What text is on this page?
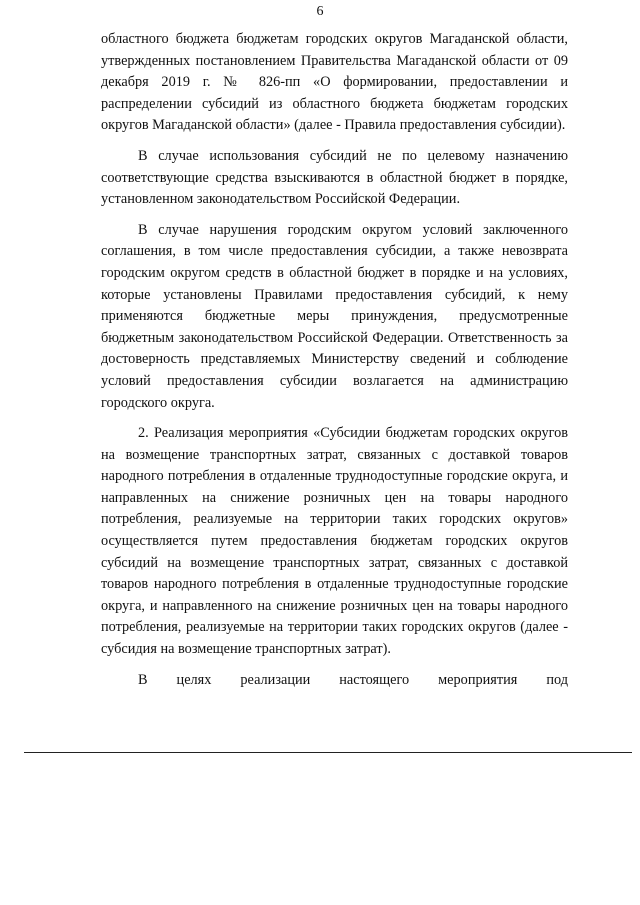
6

областного бюджета бюджетам городских округов Магаданской области, утвержденных постановлением Правительства Магаданской области от 09 декабря 2019 г. № 826-пп «О формировании, предоставлении и распределении субсидий из областного бюджета бюджетам городских округов Магаданской области» (далее - Правила предоставления субсидии).

В случае использования субсидий не по целевому назначению соответствующие средства взыскиваются в областной бюджет в порядке, установленном законодательством Российской Федерации.

В случае нарушения городским округом условий заключенного соглашения, в том числе предоставления субсидии, а также невозврата городским округом средств в областной бюджет в порядке и на условиях, которые установлены Правилами предоставления субсидий, к нему применяются бюджетные меры принуждения, предусмотренные бюджетным законодательством Российской Федерации. Ответственность за достоверность представляемых Министерству сведений и соблюдение условий предоставления субсидии возлагается на администрацию городского округа.

2. Реализация мероприятия «Субсидии бюджетам городских округов на возмещение транспортных затрат, связанных с доставкой товаров народного потребления в отдаленные труднодоступные городские округа, и направленных на снижение розничных цен на товары народного потребления, реализуемые на территории таких городских округов» осуществляется путем предоставления бюджетам городских округов субсидий на возмещение транспортных затрат, связанных с доставкой товаров народного потребления в отдаленные труднодоступные городские округа, и направленного на снижение розничных цен на товары народного потребления, реализуемые на территории таких городских округов (далее - субсидия на возмещение транспортных затрат).

В целях реализации настоящего мероприятия под
